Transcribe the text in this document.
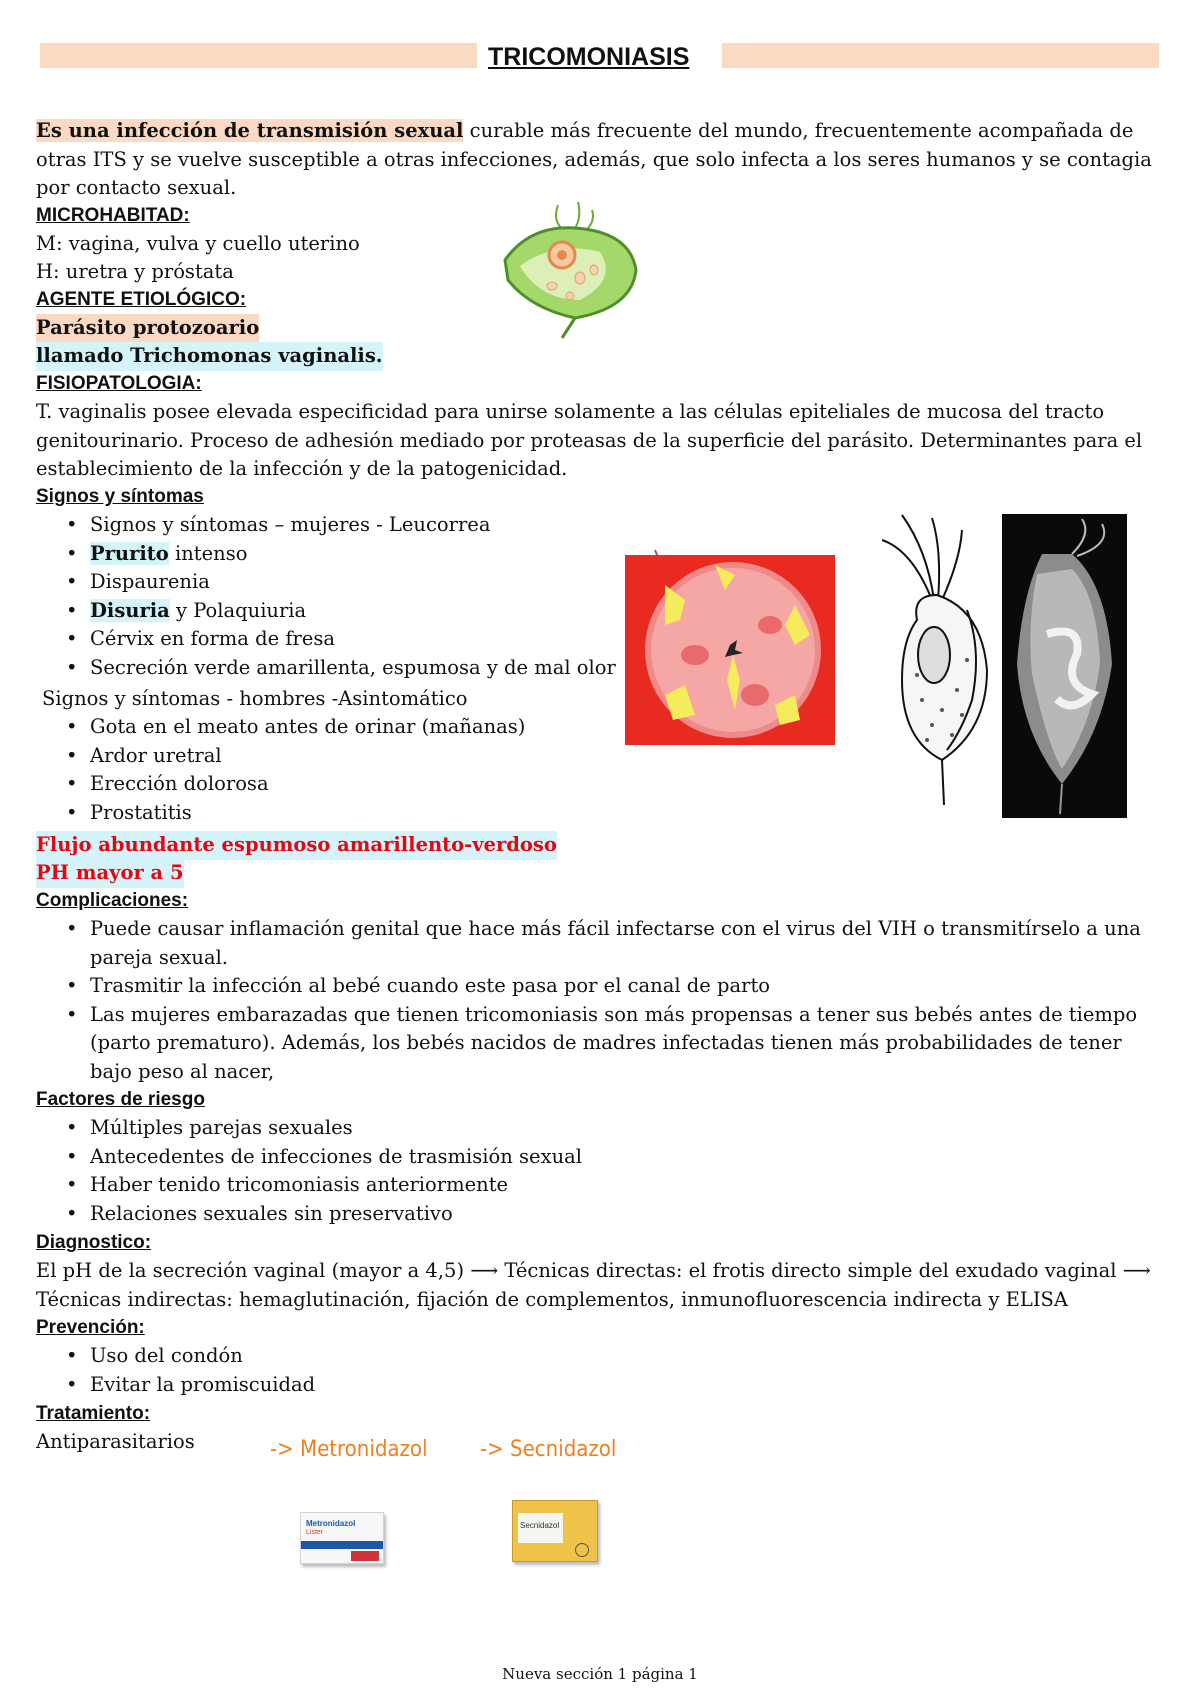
TRICOMONIASIS
Es una infección de transmisión sexual curable más frecuente del mundo, frecuentemente acompañada de otras ITS y se vuelve susceptible a otras infecciones, además, que solo infecta a los seres humanos y se contagia por contacto sexual.
MICROHABITAD:
M: vagina, vulva y cuello uterino
H: uretra y próstata
AGENTE ETIOLÓGICO:
Parásito protozoario
llamado Trichomonas vaginalis.
FISIOPATOLOGIA:
T. vaginalis posee elevada especificidad para unirse solamente a las células epiteliales de mucosa del tracto genitourinario. Proceso de adhesión mediado por proteasas de la superficie del parásito. Determinantes para el establecimiento de la infección y de la patogenicidad.
Signos y síntomas
• Signos y síntomas – mujeres - Leucorrea
• Prurito intenso
• Dispaurenia
• Disuria y Polaquiuria
• Cérvix en forma de fresa
• Secreción verde amarillenta, espumosa y de mal olor
Signos y síntomas - hombres -Asintomático
• Gota en el meato antes de orinar (mañanas)
• Ardor uretral
• Erección dolorosa
• Prostatitis
Flujo abundante espumoso amarillento-verdoso
PH mayor a 5
Complicaciones:
• Puede causar inflamación genital que hace más fácil infectarse con el virus del VIH o transmitírselo a una pareja sexual.
• Trasmitir la infección al bebé cuando este pasa por el canal de parto
• Las mujeres embarazadas que tienen tricomoniasis son más propensas a tener sus bebés antes de tiempo (parto prematuro). Además, los bebés nacidos de madres infectadas tienen más probabilidades de tener bajo peso al nacer,
Factores de riesgo
• Múltiples parejas sexuales
• Antecedentes de infecciones de trasmisión sexual
• Haber tenido tricomoniasis anteriormente
• Relaciones sexuales sin preservativo
Diagnostico:
El pH de la secreción vaginal (mayor a 4,5) ⟶ Técnicas directas: el frotis directo simple del exudado vaginal ⟶ Técnicas indirectas: hemaglutinación, fijación de complementos, inmunofluorescencia indirecta y ELISA
Prevención:
• Uso del condón
• Evitar la promiscuidad
Tratamiento:
Antiparasitarios	-> Metronidazol -> Secnidazol
Metronidazol
Lister
Secnidazol
Nueva sección 1 página 1
